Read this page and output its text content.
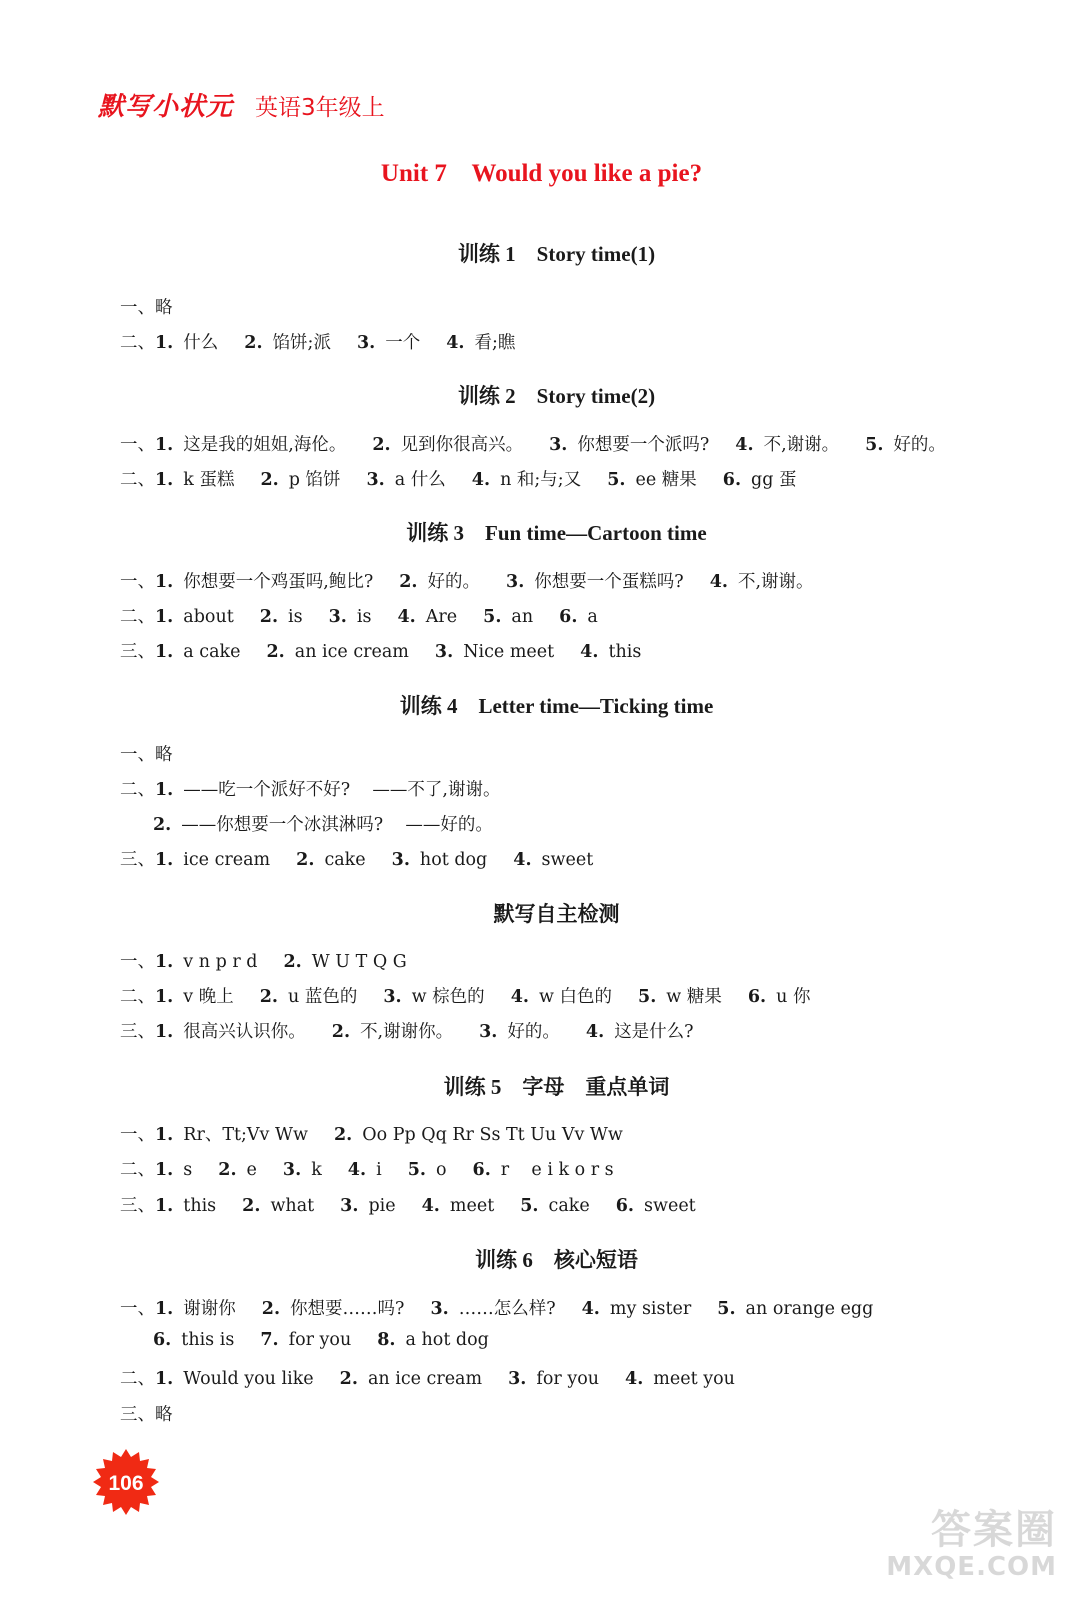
默写小状元 英语3年级上
Unit 7    Would you like a pie?
训练 1    Story time(1)
一、略
二、1. 什么 2. 馅饼;派 3. 一个 4. 看;瞧
训练 2    Story time(2)
一、1. 这是我的姐姐,海伦。 2. 见到你很高兴。 3. 你想要一个派吗? 4. 不,谢谢。 5. 好的。
二、1. k 蛋糕 2. p 馅饼 3. a 什么 4. n 和;与;又 5. ee 糖果 6. gg 蛋
训练 3    Fun time—Cartoon time
一、1. 你想要一个鸡蛋吗,鲍比? 2. 好的。 3. 你想要一个蛋糕吗? 4. 不,谢谢。
二、1. about 2. is 3. is 4. Are 5. an 6. a
三、1. a cake 2. an ice cream 3. Nice meet 4. this
训练 4    Letter time—Ticking time
一、略
二、1. ——吃一个派好不好?    ——不了,谢谢。
2. ——你想要一个冰淇淋吗?    ——好的。
三、1. ice cream 2. cake 3. hot dog 4. sweet
默写自主检测
一、1. v n p r d 2. W U T Q G
二、1. v 晚上 2. u 蓝色的 3. w 棕色的 4. w 白色的 5. w 糖果 6. u 你
三、1. 很高兴认识你。 2. 不,谢谢你。 3. 好的。 4. 这是什么?
训练 5    字母    重点单词
一、1. Rr、Tt;Vv Ww 2. Oo Pp Qq Rr Ss Tt Uu Vv Ww
二、1. s 2. e 3. k 4. i 5. o 6. r    e i k o r s
三、1. this 2. what 3. pie 4. meet 5. cake 6. sweet
训练 6    核心短语
一、1. 谢谢你 2. 你想要……吗? 3. ……怎么样? 4. my sister 5. an orange egg
6. this is 7. for you 8. a hot dog
二、1. Would you like 2. an ice cream 3. for you 4. meet you
三、略
106
答案圈
MXQE.COM
